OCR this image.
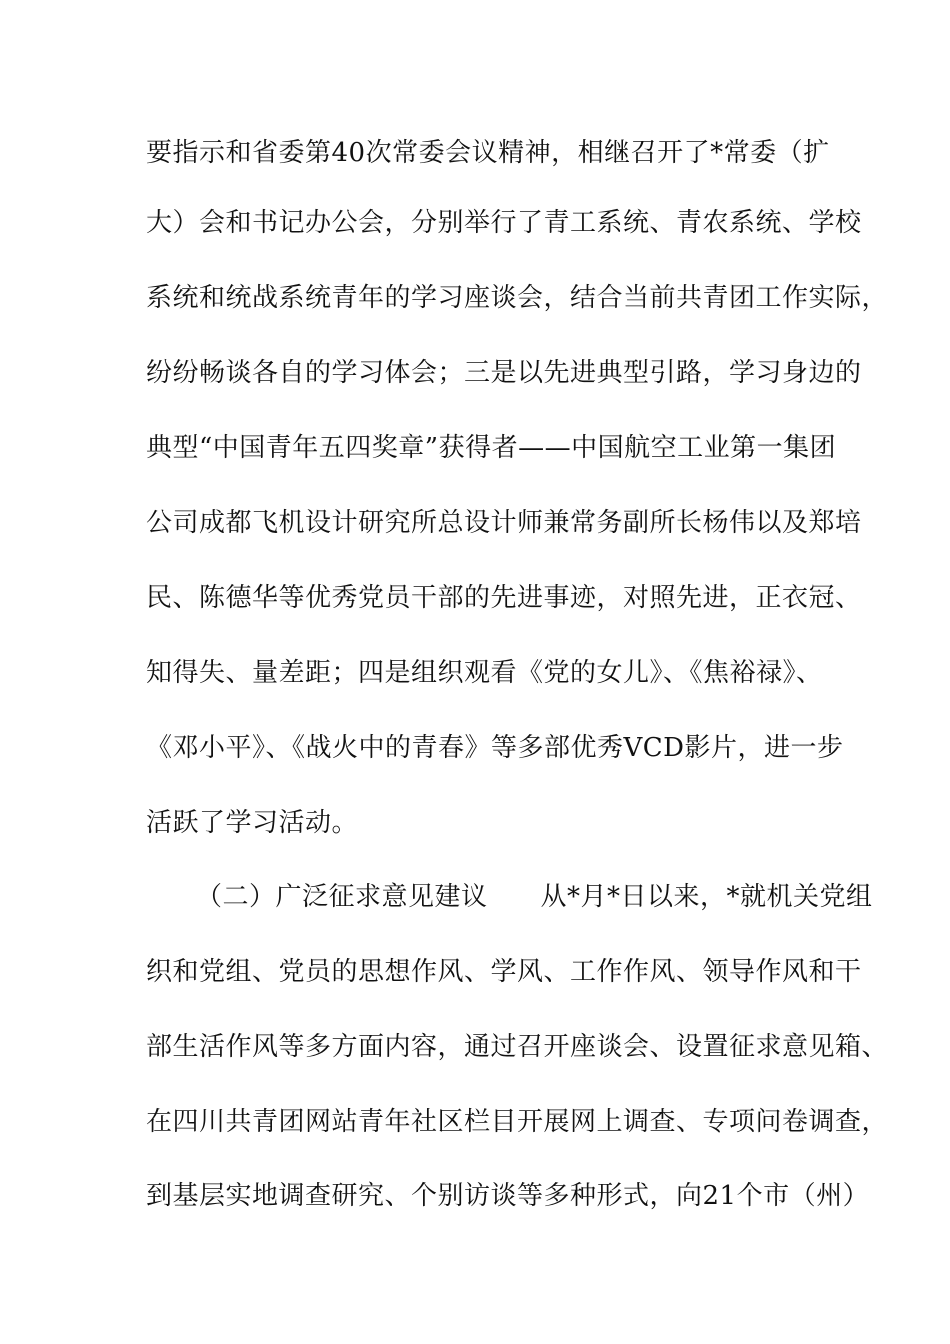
要指示和省委第40次常委会议精神，相继召开了*常委（扩
大）会和书记办公会，分别举行了青工系统、青农系统、学校
系统和统战系统青年的学习座谈会，结合当前共青团工作实际，
纷纷畅谈各自的学习体会；三是以先进典型引路，学习身边的
典型“中国青年五四奖章”获得者——中国航空工业第一集团
公司成都飞机设计研究所总设计师兼常务副所长杨伟以及郑培
民、陈德华等优秀党员干部的先进事迹，对照先进，正衣冠、
知得失、量差距；四是组织观看《党的女儿》、《焦裕禄》、
《邓小平》、《战火中的青春》等多部优秀VCD影片，进一步
活跃了学习活动。
（二）广泛征求意见建议　　从*月*日以来，*就机关党组
织和党组、党员的思想作风、学风、工作作风、领导作风和干
部生活作风等多方面内容，通过召开座谈会、设置征求意见箱、
在四川共青团网站青年社区栏目开展网上调查、专项问卷调查，
到基层实地调查研究、个别访谈等多种形式，向21个市（州）
